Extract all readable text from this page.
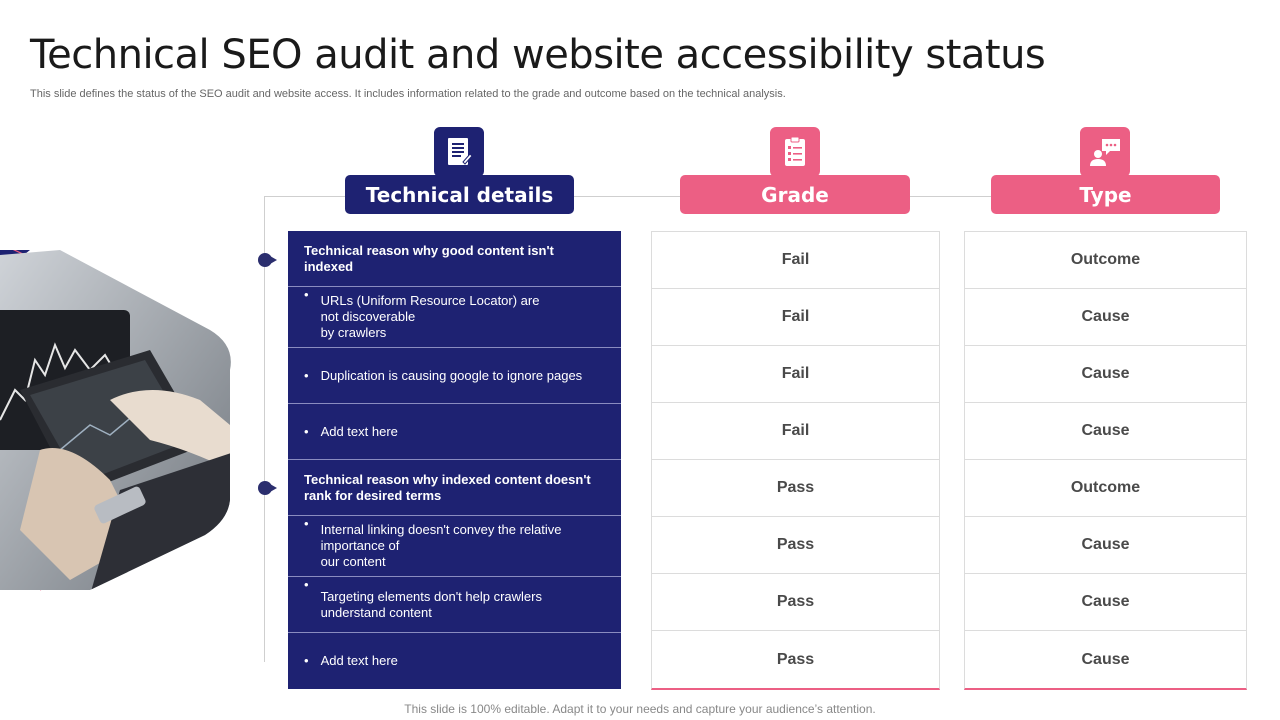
Technical SEO audit and website accessibility status
This slide defines the status of the SEO audit and website access. It includes information related to the grade and outcome based on the technical analysis.
Technical details	Grade	Type
Technical reason why good content isn't indexed
• URLs (Uniform Resource Locator) are
not discoverable
by crawlers
• Duplication is causing google to ignore pages
• Add text here
Technical reason why indexed content doesn't rank for desired terms
• Internal linking doesn't convey the relative
importance of
our content
•
Targeting elements don't help crawlers
understand content
• Add text here
Fail
Fail
Fail
Fail
Pass
Pass
Pass
Pass
Outcome
Cause
Cause
Cause
Outcome
Cause
Cause
Cause
This slide is 100% editable. Adapt it to your needs and capture your audience’s attention.
